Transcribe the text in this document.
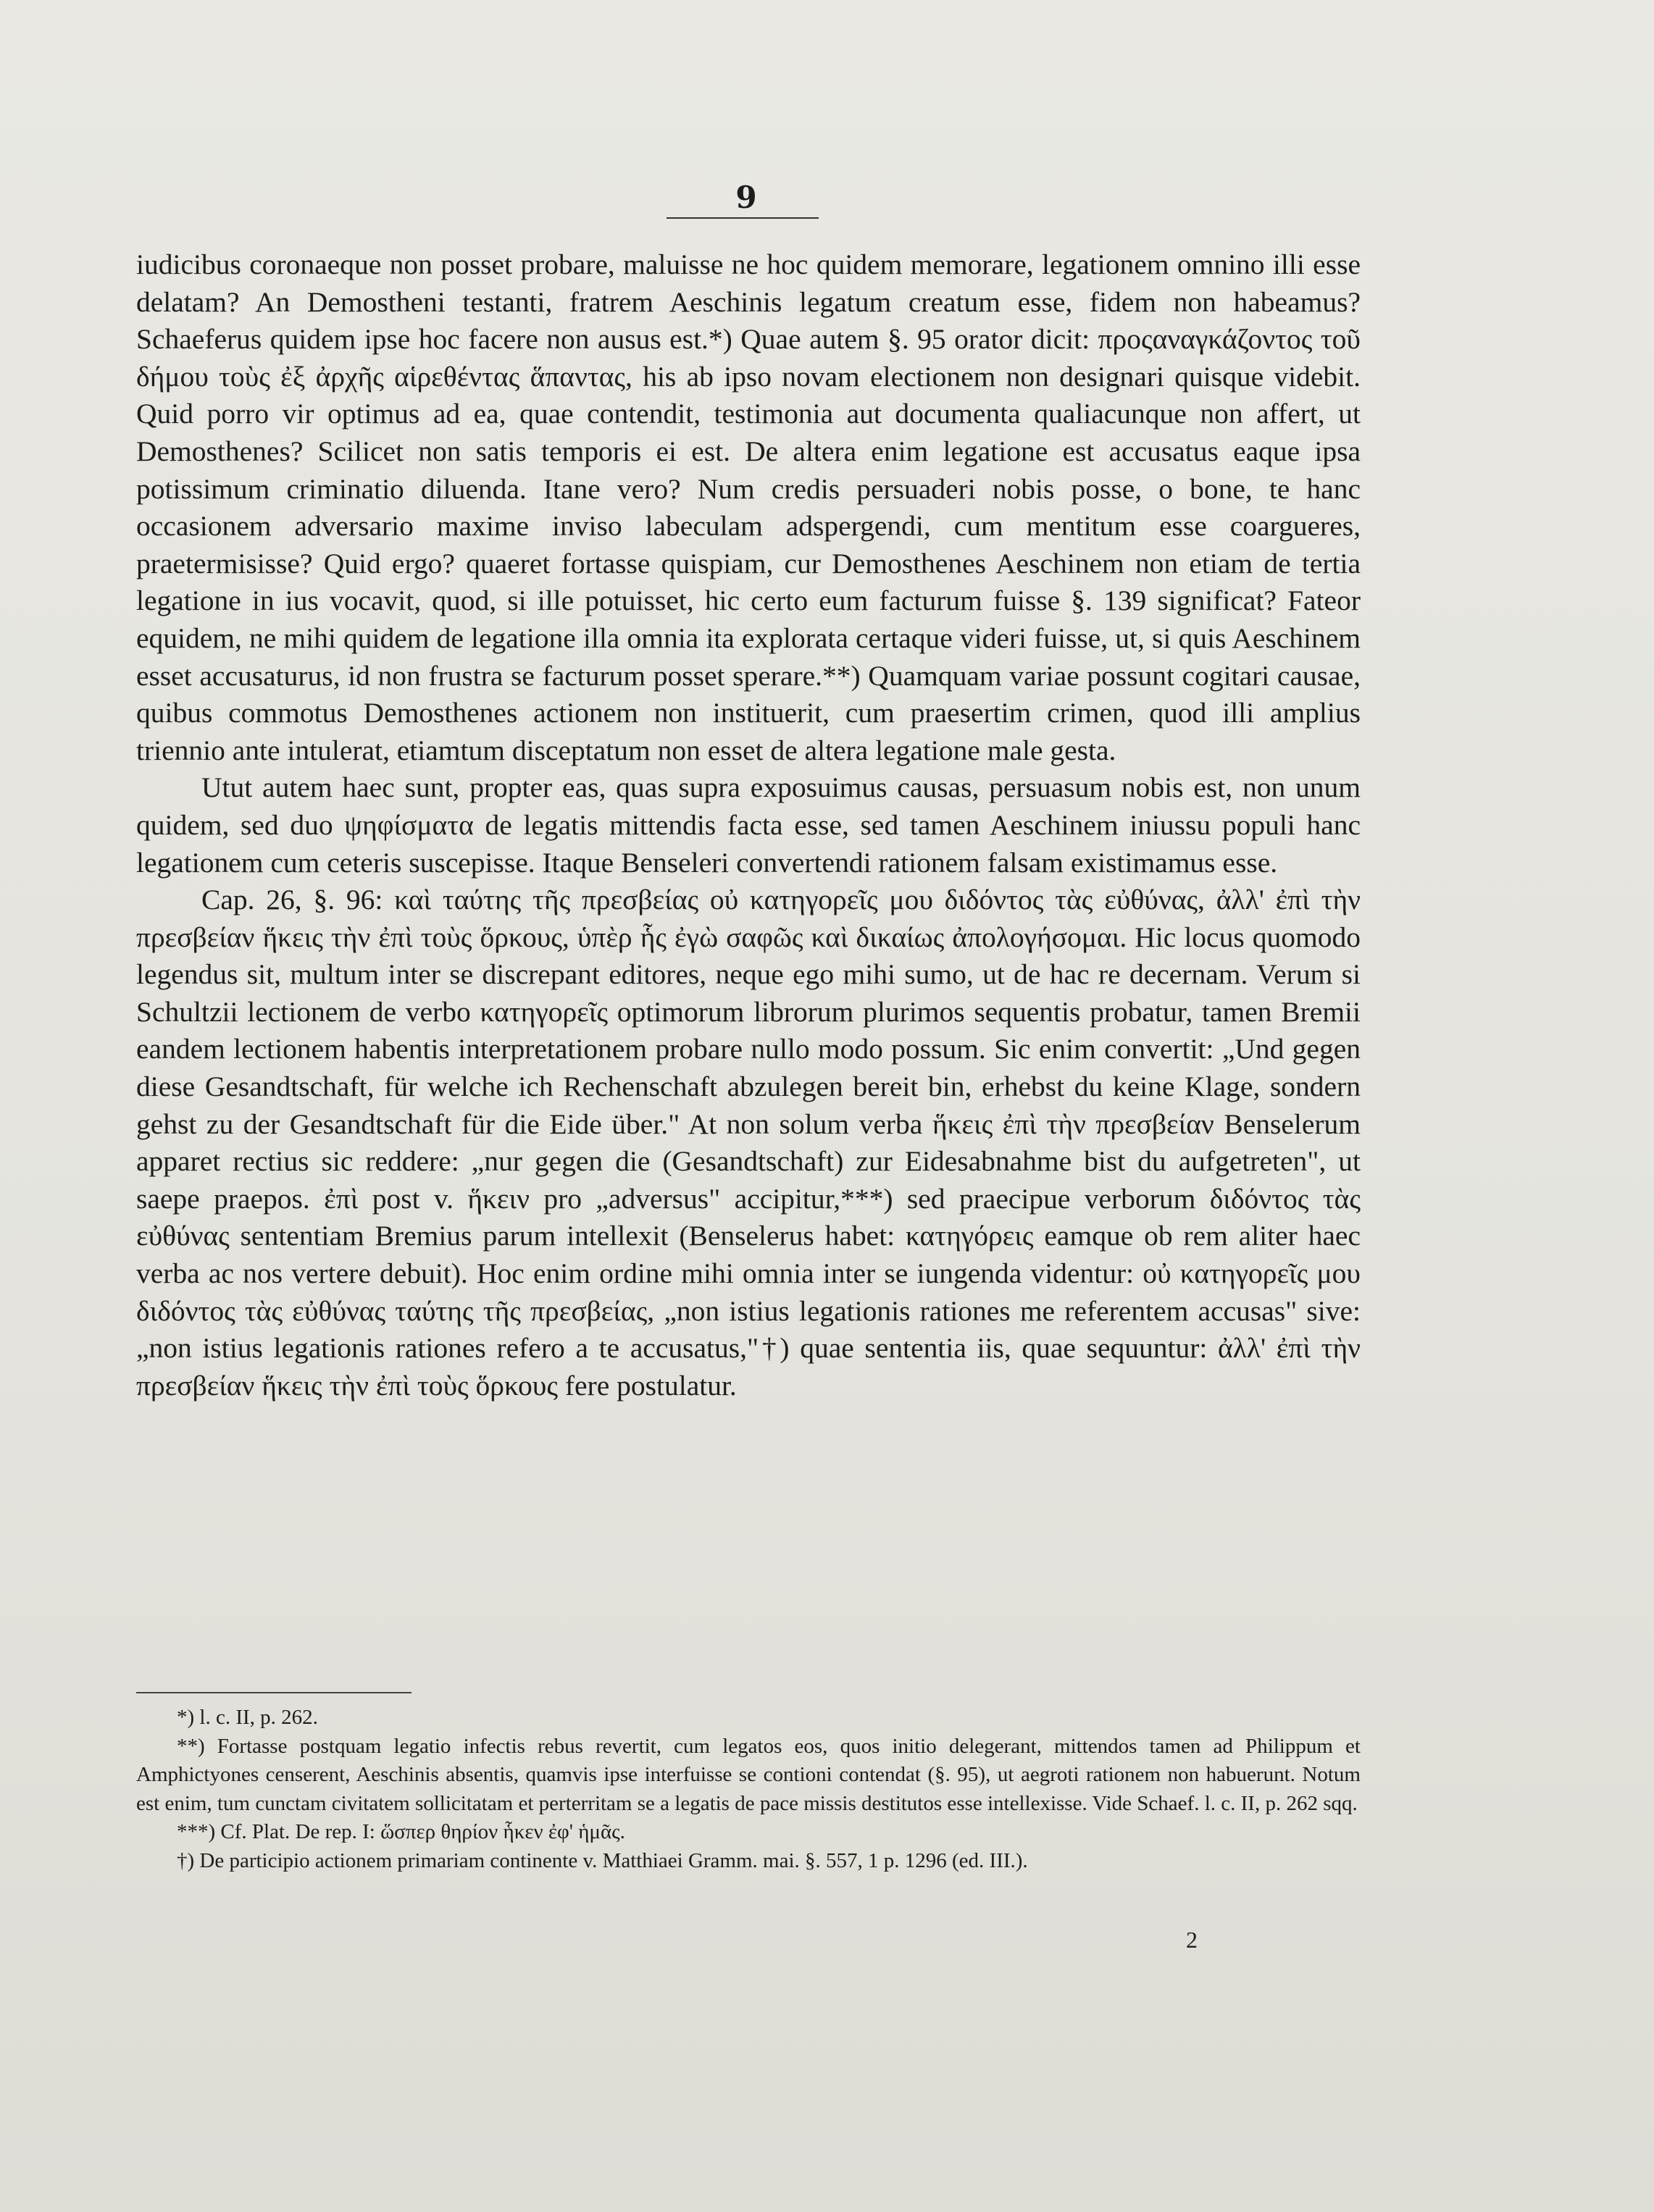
9

iudicibus coronaeque non posset probare, maluisse ne hoc quidem memorare, legationem omnino illi esse delatam? An Demostheni testanti, fratrem Aeschinis legatum creatum esse, fidem non habeamus? Schaeferus quidem ipse hoc facere non ausus est.*) Quae autem §. 95 orator dicit: προςαναγκάζοντος τοῦ δήμου τοὺς ἐξ ἀρχῆς αἱρεθέντας ἅπαντας, his ab ipso novam electionem non designari quisque videbit. Quid porro vir optimus ad ea, quae contendit, testimonia aut documenta qualiacunque non affert, ut Demosthenes? Scilicet non satis temporis ei est. De altera enim legatione est accusatus eaque ipsa potissimum criminatio diluenda. Itane vero? Num credis persuaderi nobis posse, o bone, te hanc occasionem adversario maxime inviso labeculam adspergendi, cum mentitum esse coargueres, praetermisisse? Quid ergo? quaeret fortasse quispiam, cur Demosthenes Aeschinem non etiam de tertia legatione in ius vocavit, quod, si ille potuisset, hic certo eum facturum fuisse §. 139 significat? Fateor equidem, ne mihi quidem de legatione illa omnia ita explorata certaque videri fuisse, ut, si quis Aeschinem esset accusaturus, id non frustra se facturum posset sperare.**) Quamquam variae possunt cogitari causae, quibus commotus Demosthenes actionem non instituerit, cum praesertim crimen, quod illi amplius triennio ante intulerat, etiamtum disceptatum non esset de altera legatione male gesta.

Utut autem haec sunt, propter eas, quas supra exposuimus causas, persuasum nobis est, non unum quidem, sed duo ψηφίσματα de legatis mittendis facta esse, sed tamen Aeschinem iniussu populi hanc legationem cum ceteris suscepisse. Itaque Benseleri convertendi rationem falsam existimamus esse.

Cap. 26, §. 96: καὶ ταύτης τῆς πρεσβείας οὐ κατηγορεῖς μου διδόντος τὰς εὐθύνας, ἀλλ' ἐπὶ τὴν πρεσβείαν ἥκεις τὴν ἐπὶ τοὺς ὅρκους, ὑπὲρ ἧς ἐγὼ σαφῶς καὶ δικαίως ἀπολογήσομαι. Hic locus quomodo legendus sit, multum inter se discrepant editores, neque ego mihi sumo, ut de hac re decernam. Verum si Schultzii lectionem de verbo κατηγορεῖς optimorum librorum plurimos sequentis probatur, tamen Bremii eandem lectionem habentis interpretationem probare nullo modo possum. Sic enim convertit: „Und gegen diese Gesandtschaft, für welche ich Rechenschaft abzulegen bereit bin, erhebst du keine Klage, sondern gehst zu der Gesandtschaft für die Eide über." At non solum verba ἥκεις ἐπὶ τὴν πρεσβείαν Benselerum apparet rectius sic reddere: „nur gegen die (Gesandtschaft) zur Eidesabnahme bist du aufgetreten", ut saepe praepos. ἐπὶ post v. ἥκειν pro „adversus" accipitur,***) sed praecipue verborum διδόντος τὰς εὐθύνας sententiam Bremius parum intellexit (Benselerus habet: κατηγόρεις eamque ob rem aliter haec verba ac nos vertere debuit). Hoc enim ordine mihi omnia inter se iungenda videntur: οὐ κατηγορεῖς μου διδόντος τὰς εὐθύνας ταύτης τῆς πρεσβείας, „non istius legationis rationes me referentem accusas" sive: „non istius legationis rationes refero a te accusatus,"†) quae sententia iis, quae sequuntur: ἀλλ' ἐπὶ τὴν πρεσβείαν ἥκεις τὴν ἐπὶ τοὺς ὅρκους fere postulatur.

*) l. c. II, p. 262.

**) Fortasse postquam legatio infectis rebus revertit, cum legatos eos, quos initio delegerant, mittendos tamen ad Philippum et Amphictyones censerent, Aeschinis absentis, quamvis ipse interfuisse se contioni contendat (§. 95), ut aegroti rationem non habuerunt. Notum est enim, tum cunctam civitatem sollicitatam et perterritam se a legatis de pace missis destitutos esse intellexisse. Vide Schaef. l. c. II, p. 262 sqq.

***) Cf. Plat. De rep. I: ὥσπερ θηρίον ἧκεν ἐφ' ἡμᾶς.

†) De participio actionem primariam continente v. Matthiaei Gramm. mai. §. 557, 1 p. 1296 (ed. III.).

2
